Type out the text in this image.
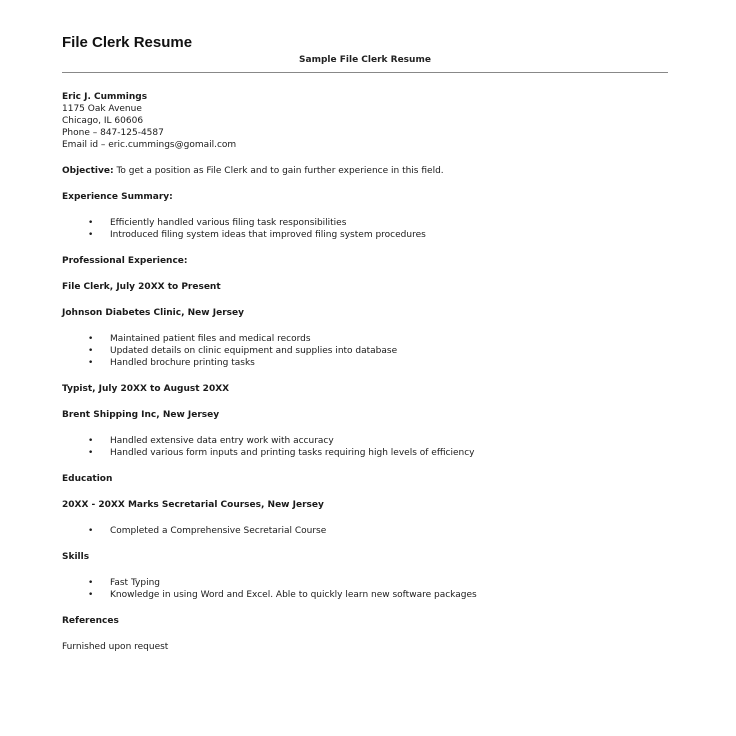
File Clerk Resume
Sample File Clerk Resume
Eric J. Cummings
1175 Oak Avenue
Chicago, IL 60606
Phone – 847-125-4587
Email id – eric.cummings@gomail.com
Objective: To get a position as File Clerk and to gain further experience in this field.
Experience Summary:
• Efficiently handled various filing task responsibilities
• Introduced filing system ideas that improved filing system procedures
Professional Experience:
File Clerk, July 20XX to Present
Johnson Diabetes Clinic, New Jersey
• Maintained patient files and medical records
• Updated details on clinic equipment and supplies into database
• Handled brochure printing tasks
Typist, July 20XX to August 20XX
Brent Shipping Inc, New Jersey
• Handled extensive data entry work with accuracy
• Handled various form inputs and printing tasks requiring high levels of efficiency
Education
20XX - 20XX Marks Secretarial Courses, New Jersey
• Completed a Comprehensive Secretarial Course
Skills
• Fast Typing
• Knowledge in using Word and Excel. Able to quickly learn new software packages
References
Furnished upon request
